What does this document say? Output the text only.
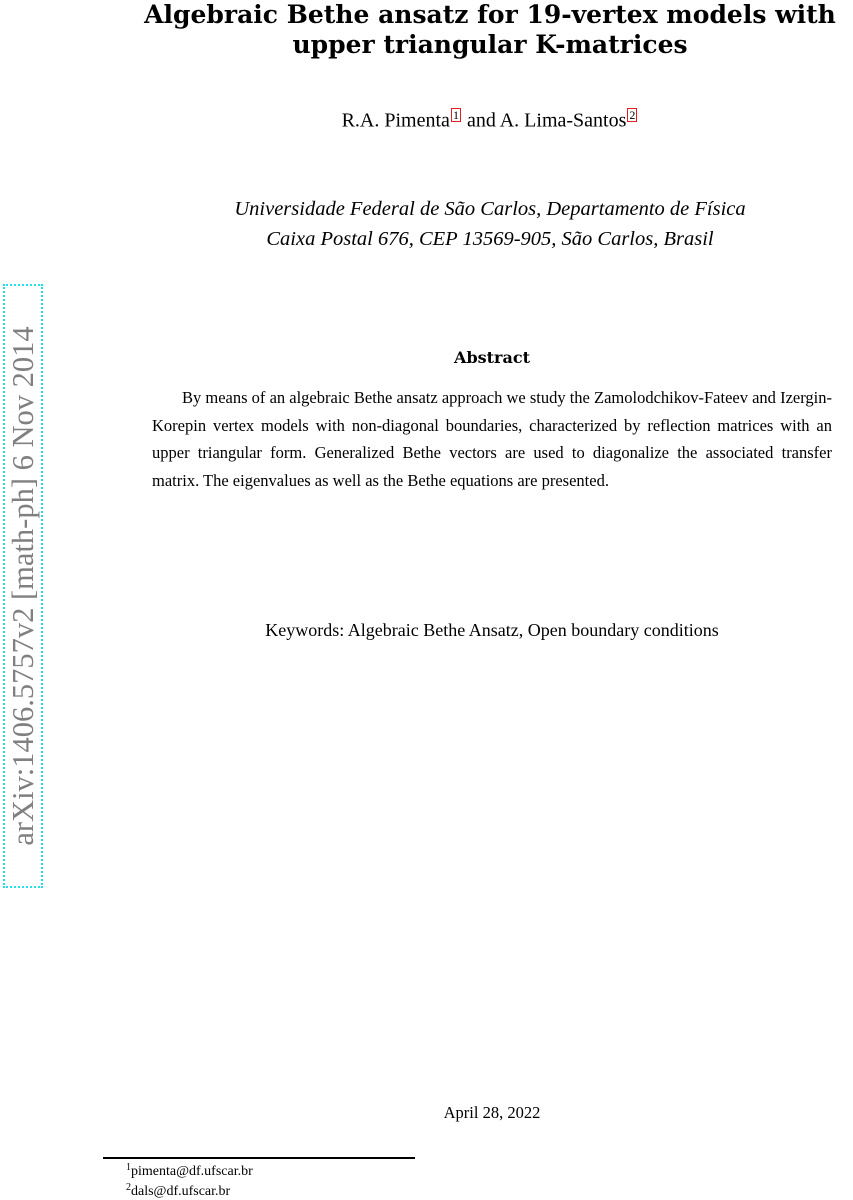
arXiv:1406.5757v2 [math-ph] 6 Nov 2014
Algebraic Bethe ansatz for 19-vertex models with
upper triangular K-matrices
R.A. Pimenta 1 and A. Lima-Santos 2
Universidade Federal de São Carlos, Departamento de Física
Caixa Postal 676, CEP 13569-905, São Carlos, Brasil
Abstract

By means of an algebraic Bethe ansatz approach we study the Zamolodchikov-Fateev and Izergin-Korepin vertex models with non-diagonal boundaries, characterized by reflection matrices with an upper triangular form. Generalized Bethe vectors are used to diagonalize the associated transfer matrix. The eigenvalues as well as the Bethe equations are presented.

Keywords: Algebraic Bethe Ansatz, Open boundary conditions
April 28, 2022
$^1$pimenta@df.ufscar.br
$^2$dals@df.ufscar.br
